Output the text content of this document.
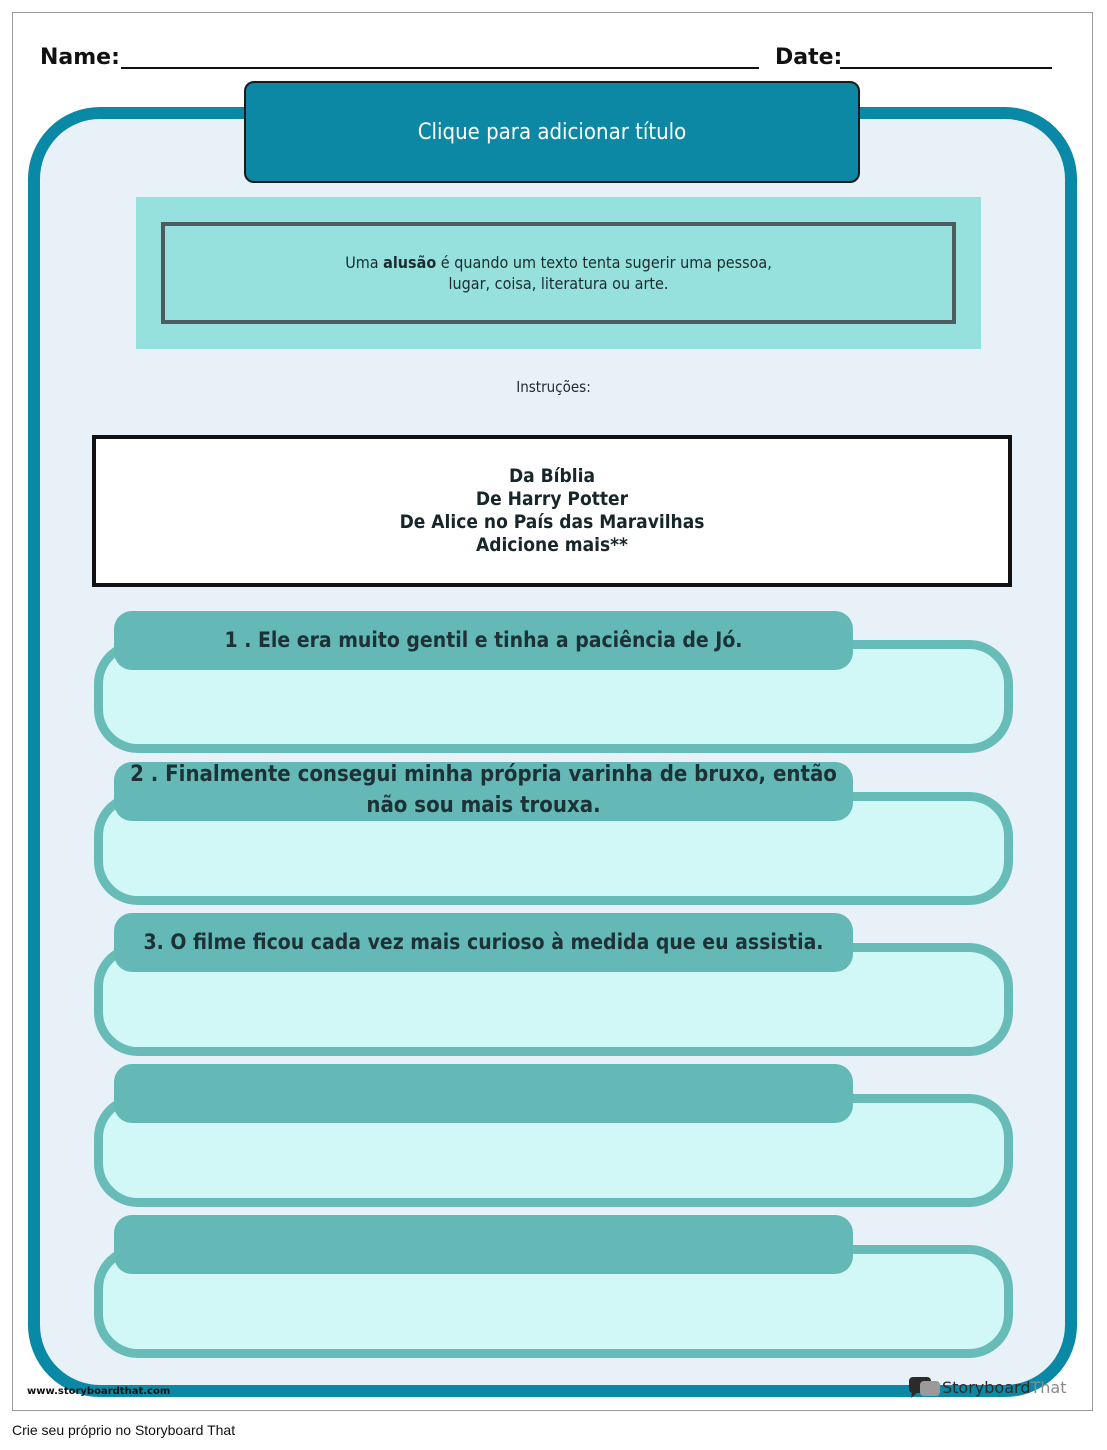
Name:	Date:
Clique para adicionar título
Uma alusão é quando um texto tenta sugerir uma pessoa,
lugar, coisa, literatura ou arte.
Instruções:
Da Bíblia
De Harry Potter
De Alice no País das Maravilhas
Adicione mais**
1 . Ele era muito gentil e tinha a paciência de Jó.
2 . Finalmente consegui minha própria varinha de bruxo, então não sou mais trouxa.
3. O filme ficou cada vez mais curioso à medida que eu assistia.
www.storyboardthat.com	Storyboard That
Crie seu próprio no Storyboard That
